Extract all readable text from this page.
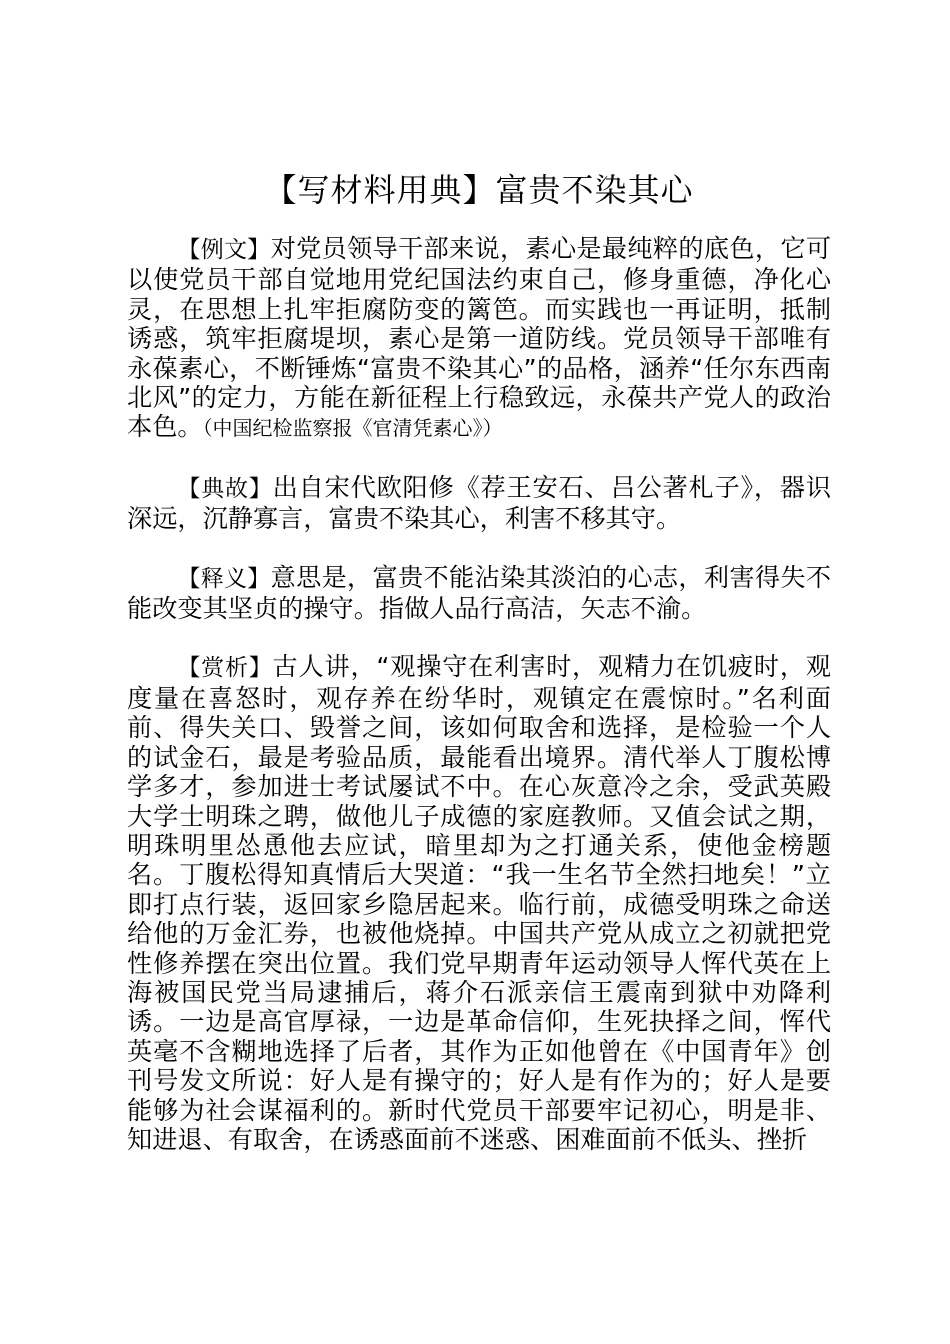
【写材料用典】富贵不染其心

【例文】对党员领导干部来说，素心是最纯粹的底色，它可以使党员干部自觉地用党纪国法约束自己，修身重德，净化心灵，在思想上扎牢拒腐防变的篱笆。而实践也一再证明，抵制诱惑，筑牢拒腐堤坝，素心是第一道防线。党员领导干部唯有永葆素心，不断锤炼“富贵不染其心”的品格，涵养“任尔东西南北风”的定力，方能在新征程上行稳致远，永葆共产党人的政治本色。（中国纪检监察报《官清凭素心》）

【典故】出自宋代欧阳修《荐王安石、吕公著札子》，器识深远，沉静寡言，富贵不染其心，利害不移其守。

【释义】意思是，富贵不能沾染其淡泊的心志，利害得失不能改变其坚贞的操守。指做人品行高洁，矢志不渝。

【赏析】古人讲，“观操守在利害时，观精力在饥疲时，观度量在喜怒时，观存养在纷华时，观镇定在震惊时。”名利面前、得失关口、毁誉之间，该如何取舍和选择，是检验一个人的试金石，最是考验品质，最能看出境界。清代举人丁腹松博学多才，参加进士考试屡试不中。在心灰意冷之余，受武英殿大学士明珠之聘，做他儿子成德的家庭教师。又值会试之期，明珠明里怂恿他去应试，暗里却为之打通关系，使他金榜题名。丁腹松得知真情后大哭道：“我一生名节全然扫地矣！”立即打点行装，返回家乡隐居起来。临行前，成德受明珠之命送给他的万金汇券，也被他烧掉。中国共产党从成立之初就把党性修养摆在突出位置。我们党早期青年运动领导人恽代英在上海被国民党当局逮捕后，蒋介石派亲信王震南到狱中劝降利诱。一边是高官厚禄，一边是革命信仰，生死抉择之间，恽代英毫不含糊地选择了后者，其作为正如他曾在《中国青年》创刊号发文所说：好人是有操守的；好人是有作为的；好人是要能够为社会谋福利的。新时代党员干部要牢记初心，明是非、知进退、有取舍，在诱惑面前不迷惑、困难面前不低头、挫折
